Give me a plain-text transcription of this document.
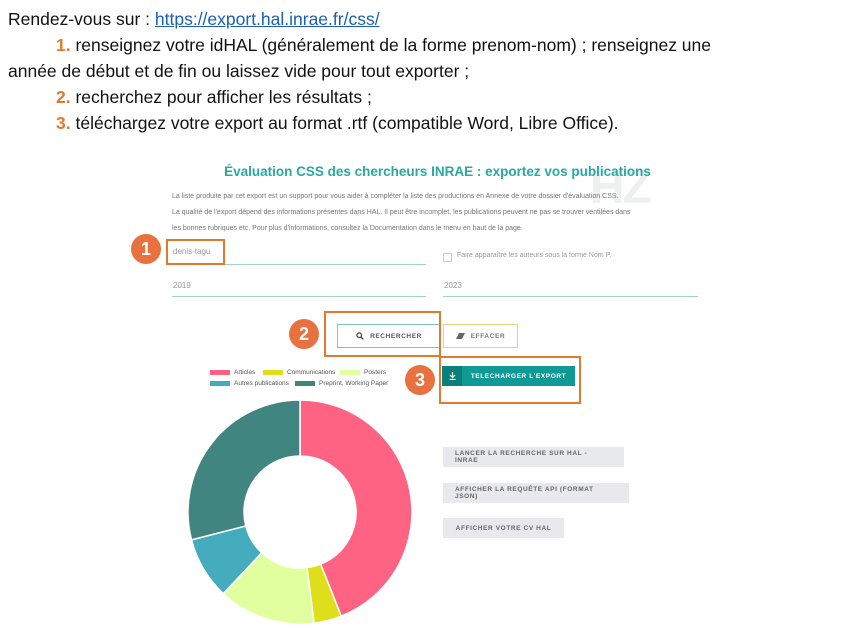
Rendez-vous sur : https://export.hal.inrae.fr/css/
1. renseignez votre idHAL (généralement de la forme prenom-nom) ; renseignez une
année de début et de fin ou laissez vide pour tout exporter ;
2. recherchez pour afficher les résultats ;
3. téléchargez votre export au format .rtf (compatible Word, Libre Office).
HZ
Évaluation CSS des chercheurs INRAE : exportez vos publications
La liste produite par cet export est un support pour vous aider à compléter la liste des productions en Annexe de votre dossier d'évaluation CSS.
La qualité de l'export dépend des informations présentes dans HAL. Il peut être incomplet, les publications peuvent ne pas se trouver ventilées dans
les bonnes rubriques etc. Pour plus d'informations, consultez la Documentation dans le menu en haut de la page.
denis-tagu	Faire apparaître les auteurs sous la forme Nom P.
2019	2023
RECHERCHER	EFFACER
TELECHARGER L'EXPORT
Articles	Communications	Posters
Autres publications	Preprint, Working Paper
LANCER LA RECHERCHE SUR HAL - INRAE
AFFICHER LA REQUÊTE API (FORMAT JSON)
AFFICHER VOTRE CV HAL
1
2
3
